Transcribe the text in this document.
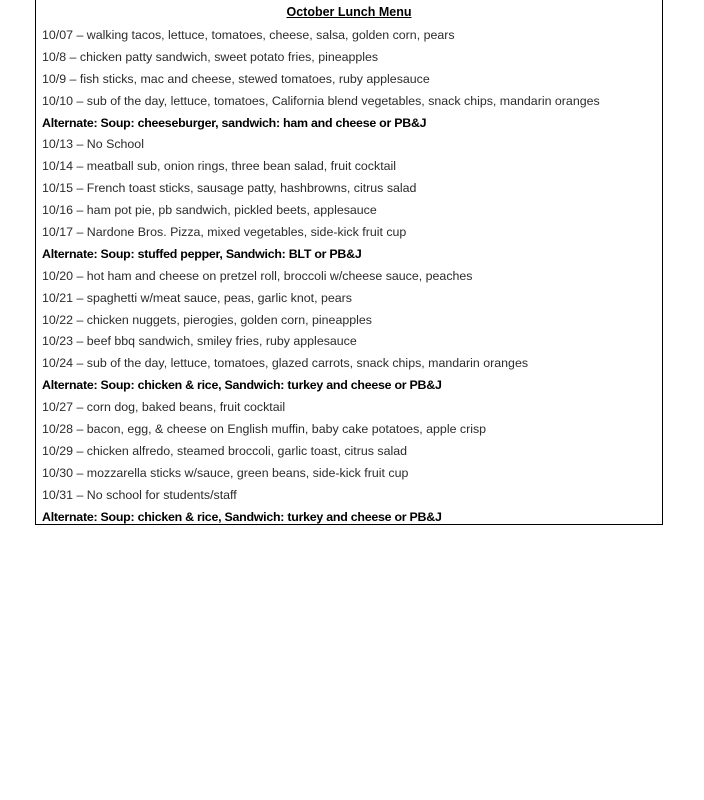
October Lunch Menu
10/07 – walking tacos, lettuce, tomatoes, cheese, salsa, golden corn, pears
10/8 – chicken patty sandwich, sweet potato fries, pineapples
10/9 – fish sticks, mac and cheese, stewed tomatoes, ruby applesauce
10/10 – sub of the day, lettuce, tomatoes, California blend vegetables, snack chips, mandarin oranges
Alternate: Soup: cheeseburger, sandwich: ham and cheese or PB&J
10/13 – No School
10/14 – meatball sub, onion rings, three bean salad, fruit cocktail
10/15 – French toast sticks, sausage patty, hashbrowns, citrus salad
10/16 – ham pot pie, pb sandwich, pickled beets, applesauce
10/17 – Nardone Bros. Pizza, mixed vegetables, side-kick fruit cup
Alternate: Soup: stuffed pepper, Sandwich: BLT or PB&J
10/20 – hot ham and cheese on pretzel roll, broccoli w/cheese sauce, peaches
10/21 – spaghetti w/meat sauce, peas, garlic knot, pears
10/22 – chicken nuggets, pierogies, golden corn, pineapples
10/23 – beef bbq sandwich, smiley fries, ruby applesauce
10/24 – sub of the day, lettuce, tomatoes, glazed carrots, snack chips, mandarin oranges
Alternate: Soup: chicken & rice, Sandwich: turkey and cheese or PB&J
10/27 – corn dog, baked beans, fruit cocktail
10/28 – bacon, egg, & cheese on English muffin, baby cake potatoes, apple crisp
10/29 – chicken alfredo, steamed broccoli, garlic toast, citrus salad
10/30 – mozzarella sticks w/sauce, green beans, side-kick fruit cup
10/31 – No school for students/staff
Alternate: Soup: chicken & rice, Sandwich: turkey and cheese or PB&J
